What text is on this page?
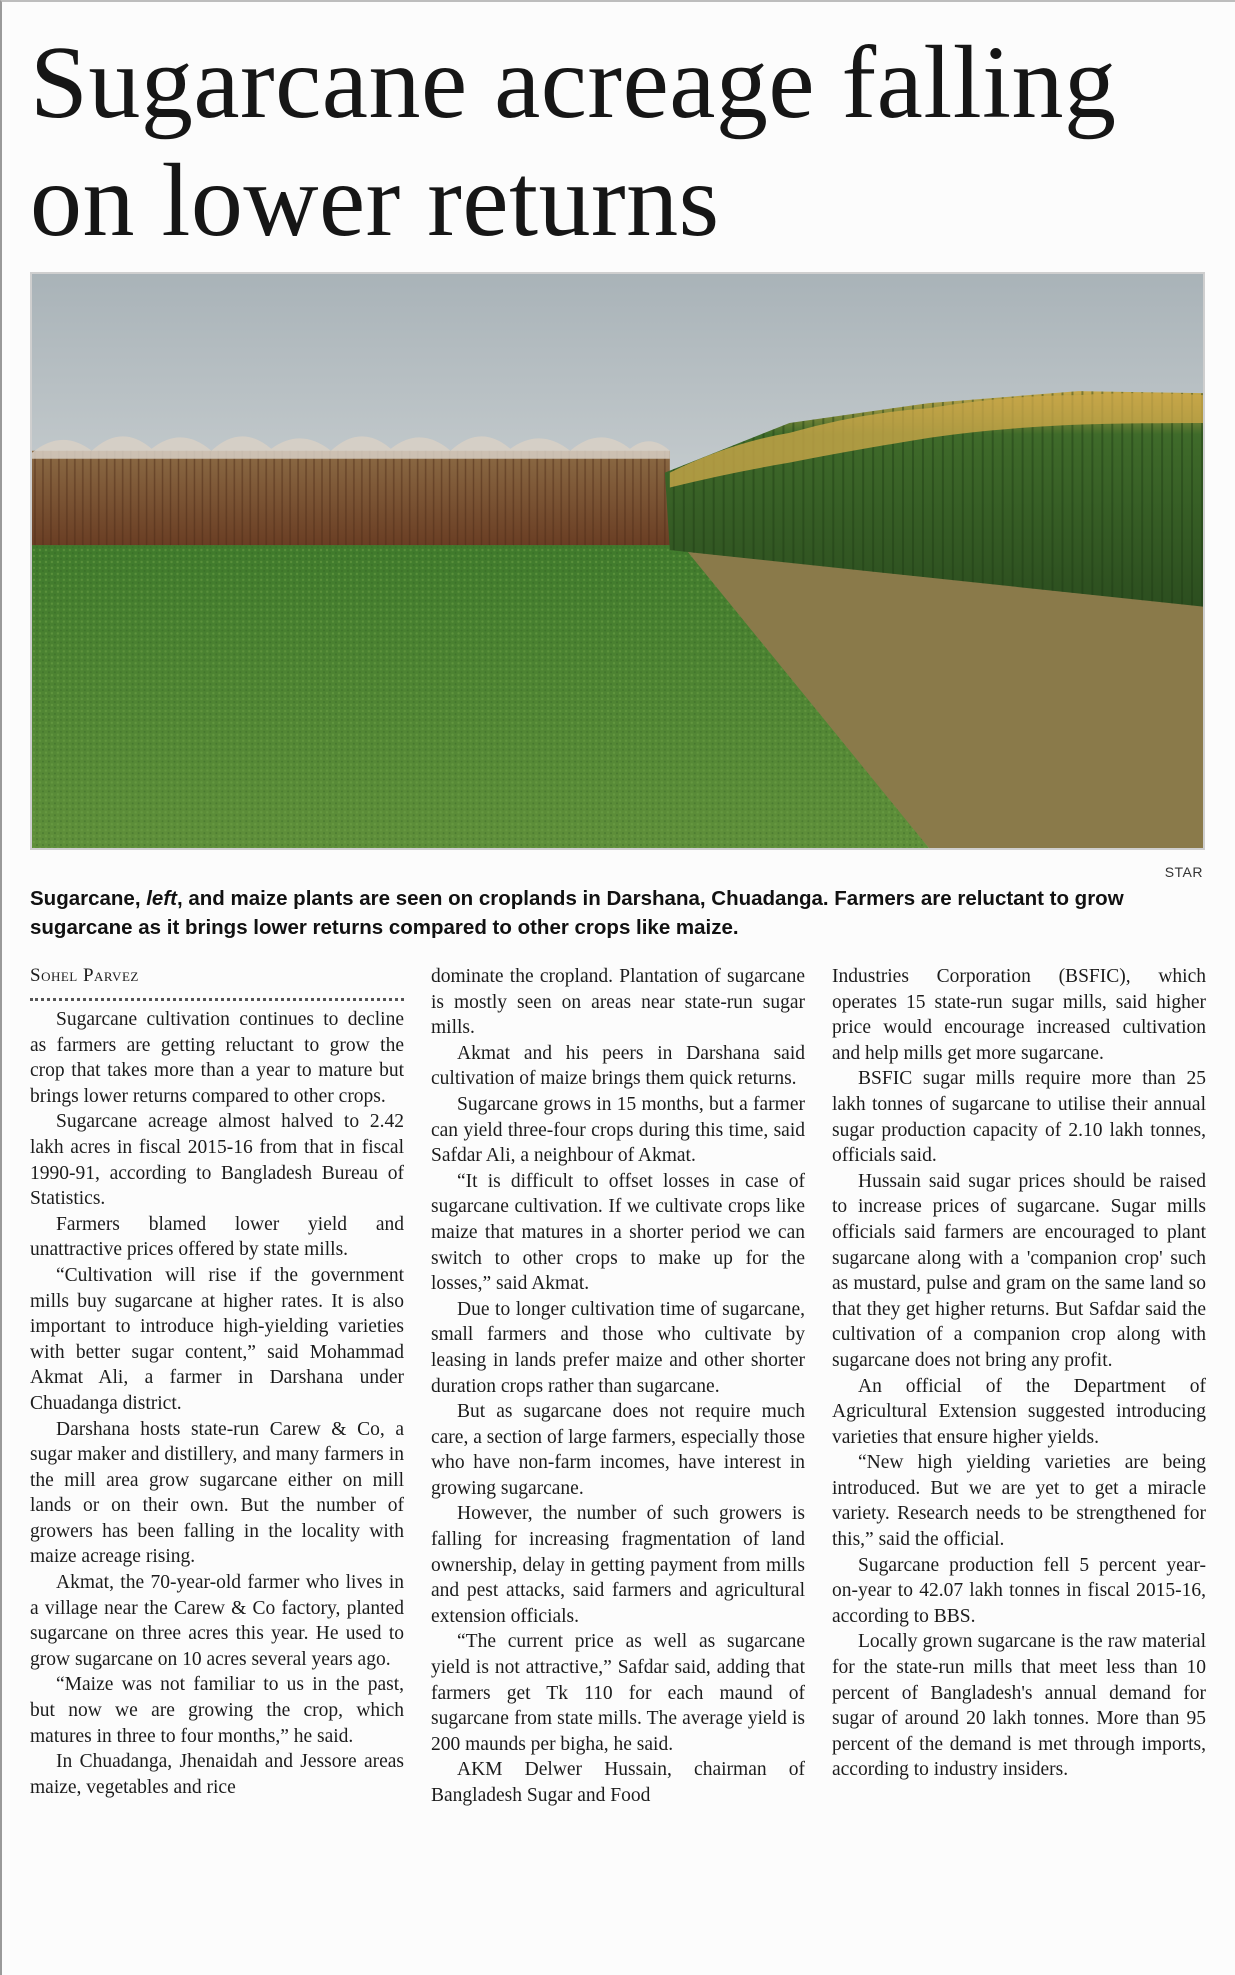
Sugarcane acreage falling on lower returns
STAR

Sugarcane, left, and maize plants are seen on croplands in Darshana, Chuadanga. Farmers are reluctant to grow sugarcane as it brings lower returns compared to other crops like maize.

Sohel Parvez

Sugarcane cultivation continues to decline as farmers are getting reluctant to grow the crop that takes more than a year to mature but brings lower returns compared to other crops.

Sugarcane acreage almost halved to 2.42 lakh acres in fiscal 2015-16 from that in fiscal 1990-91, according to Bangladesh Bureau of Statistics.

Farmers blamed lower yield and unattractive prices offered by state mills.

“Cultivation will rise if the government mills buy sugarcane at higher rates. It is also important to introduce high-yielding varieties with better sugar content,” said Mohammad Akmat Ali, a farmer in Darshana under Chuadanga district.

Darshana hosts state-run Carew & Co, a sugar maker and distillery, and many farmers in the mill area grow sugarcane either on mill lands or on their own. But the number of growers has been falling in the locality with maize acreage rising.

Akmat, the 70-year-old farmer who lives in a village near the Carew & Co factory, planted sugarcane on three acres this year. He used to grow sugarcane on 10 acres several years ago.

“Maize was not familiar to us in the past, but now we are growing the crop, which matures in three to four months,” he said.

In Chuadanga, Jhenaidah and Jessore areas maize, vegetables and rice

dominate the cropland. Plantation of sugarcane is mostly seen on areas near state-run sugar mills.

Akmat and his peers in Darshana said cultivation of maize brings them quick returns.

Sugarcane grows in 15 months, but a farmer can yield three-four crops during this time, said Safdar Ali, a neighbour of Akmat.

“It is difficult to offset losses in case of sugarcane cultivation. If we cultivate crops like maize that matures in a shorter period we can switch to other crops to make up for the losses,” said Akmat.

Due to longer cultivation time of sugarcane, small farmers and those who cultivate by leasing in lands prefer maize and other shorter duration crops rather than sugarcane.

But as sugarcane does not require much care, a section of large farmers, especially those who have non-farm incomes, have interest in growing sugarcane.

However, the number of such growers is falling for increasing fragmentation of land ownership, delay in getting payment from mills and pest attacks, said farmers and agricultural extension officials.

“The current price as well as sugarcane yield is not attractive,” Safdar said, adding that farmers get Tk 110 for each maund of sugarcane from state mills. The average yield is 200 maunds per bigha, he said.

AKM Delwer Hussain, chairman of Bangladesh Sugar and Food

Industries Corporation (BSFIC), which operates 15 state-run sugar mills, said higher price would encourage increased cultivation and help mills get more sugarcane.

BSFIC sugar mills require more than 25 lakh tonnes of sugarcane to utilise their annual sugar production capacity of 2.10 lakh tonnes, officials said.

Hussain said sugar prices should be raised to increase prices of sugarcane. Sugar mills officials said farmers are encouraged to plant sugarcane along with a 'companion crop' such as mustard, pulse and gram on the same land so that they get higher returns. But Safdar said the cultivation of a companion crop along with sugarcane does not bring any profit.

An official of the Department of Agricultural Extension suggested introducing varieties that ensure higher yields.

“New high yielding varieties are being introduced. But we are yet to get a miracle variety. Research needs to be strengthened for this,” said the official.

Sugarcane production fell 5 percent year-on-year to 42.07 lakh tonnes in fiscal 2015-16, according to BBS.

Locally grown sugarcane is the raw material for the state-run mills that meet less than 10 percent of Bangladesh's annual demand for sugar of around 20 lakh tonnes. More than 95 percent of the demand is met through imports, according to industry insiders.
